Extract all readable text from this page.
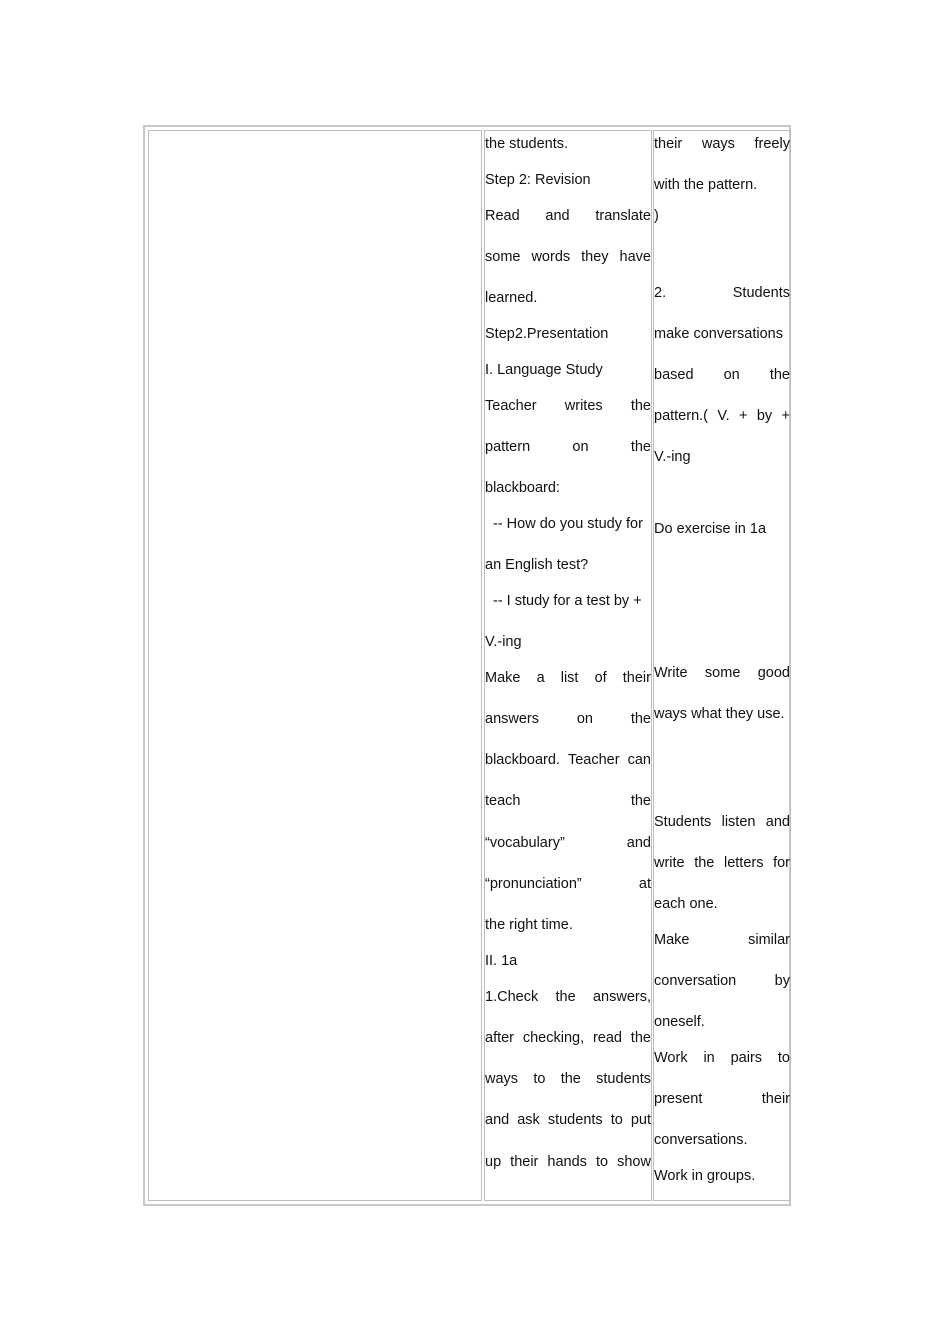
the students.
Step 2: Revision
Read and translate
some words they have
learned.
Step2.Presentation
I. Language Study
Teacher writes the
pattern	on	the
blackboard:
-- How do you study for
an English test?
-- I study for a test by +
V.-ing
Make a list of their
answers	on	the
blackboard. Teacher can
teach	the
“vocabulary”	and
“pronunciation”	at
the right time.
II. 1a
1.Check the answers,
after checking, read the
ways to the students
and ask students to put
up their hands to show
their ways freely
with the pattern.
)
2.	Students
make conversations
based on the
pattern.( V. + by +
V.-ing
Do exercise in 1a
Write some good
ways what they use.
Students listen and
write the letters for
each one.
Make	similar
conversation	by
oneself.
Work in pairs to
present	their
conversations.
Work in groups.
